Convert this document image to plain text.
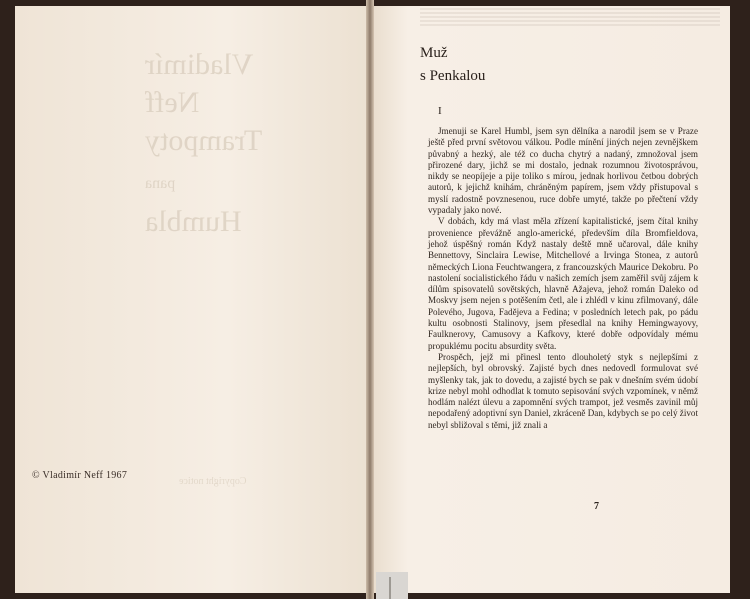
Vladimír
Neff
Trampoty
pana
Humbla
Copyright notice
© Vladimír Neff 1967
Muž
s Penkalou
I

Jmenuji se Karel Humbl, jsem syn dělníka a narodil jsem se v Praze ještě před první světovou válkou. Podle mínění jiných nejen zevnějškem půvabný a hezký, ale též co ducha chytrý a nadaný, zmnožoval jsem přirozené dary, jichž se mi dostalo, jednak rozumnou životosprávou, nikdy se neopíjeje a pije toliko s mírou, jednak horlivou četbou dobrých autorů, k jejichž knihám, chráněným papírem, jsem vždy přistupoval s myslí radostně povznesenou, ruce dobře umyté, takže po přečtení vždy vypadaly jako nové.

V dobách, kdy má vlast měla zřízení kapitalistické, jsem čítal knihy provenience převážně anglo-americké, především díla Bromfieldova, jehož úspěšný román Když nastaly deště mně učaroval, dále knihy Bennettovy, Sinclaira Lewise, Mitchellové a Irvinga Stonea, z autorů německých Liona Feuchtwangera, z francouzských Maurice Dekobru. Po nastolení socialistického řádu v našich zemích jsem zaměřil svůj zájem k dílům spisovatelů sovětských, hlavně Ažajeva, jehož román Daleko od Moskvy jsem nejen s potěšením četl, ale i zhlédl v kinu zfilmovaný, dále Polevého, Jugova, Fadějeva a Fedina; v posledních letech pak, po pádu kultu osobnosti Stalinovy, jsem přesedlal na knihy Hemingwayovy, Faulknerovy, Camusovy a Kafkovy, které dobře odpovídaly mému propuklému pocitu absurdity světa.

Prospěch, jejž mi přinesl tento dlouholetý styk s nejlepšími z nejlepších, byl obrovský. Zajisté bych dnes nedovedl formulovat své myšlenky tak, jak to dovedu, a zajisté bych se pak v dnešním svém údobí krize nebyl mohl odhodlat k tomuto sepisování svých vzpomínek, v němž hodlám nalézt úlevu a zapomnění svých trampot, jež vesměs zavinil můj nepodařený adoptivní syn Daniel, zkráceně Dan, kdybych se po celý život nebyl sbližoval s těmi, již znali a

7
